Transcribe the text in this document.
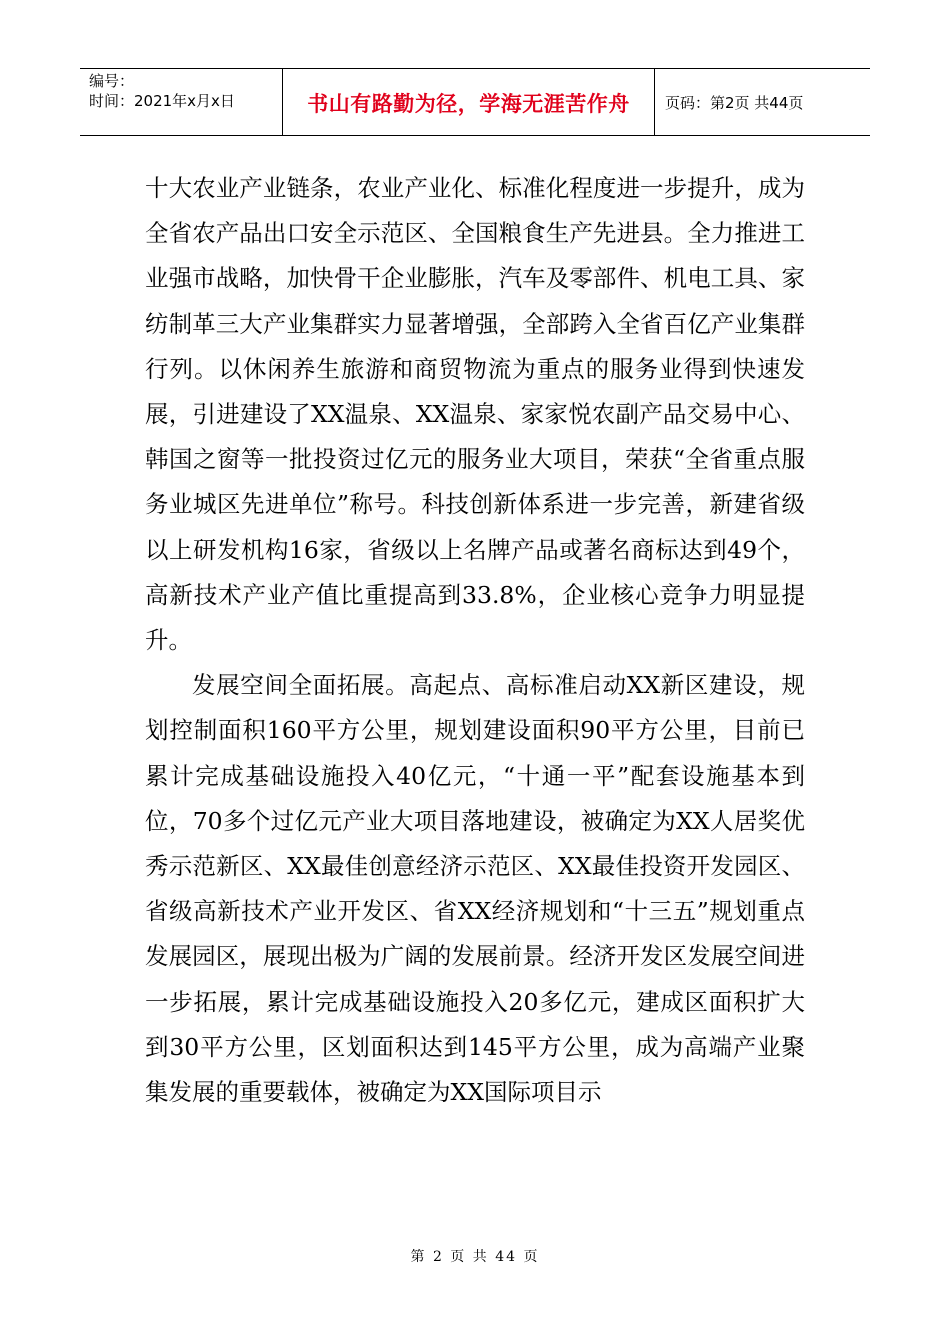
编号：
时间：2021年x月x日	书山有路勤为径，学海无涯苦作舟 页码：第2页 共44页

十大农业产业链条，农业产业化、标准化程度进一步提升，成为全省农产品出口安全示范区、全国粮食生产先进县。全力推进工业强市战略，加快骨干企业膨胀，汽车及零部件、机电工具、家纺制革三大产业集群实力显著增强，全部跨入全省百亿产业集群行列。以休闲养生旅游和商贸物流为重点的服务业得到快速发展，引进建设了XX温泉、XX温泉、家家悦农副产品交易中心、韩国之窗等一批投资过亿元的服务业大项目，荣获“全省重点服务业城区先进单位”称号。科技创新体系进一步完善，新建省级以上研发机构16家，省级以上名牌产品或著名商标达到49个，高新技术产业产值比重提高到33.8%，企业核心竞争力明显提升。

发展空间全面拓展。高起点、高标准启动XX新区建设，规划控制面积160平方公里，规划建设面积90平方公里，目前已累计完成基础设施投入40亿元，“十通一平”配套设施基本到位，70多个过亿元产业大项目落地建设，被确定为XX人居奖优秀示范新区、XX最佳创意经济示范区、XX最佳投资开发园区、省级高新技术产业开发区、省XX经济规划和“十三五”规划重点发展园区，展现出极为广阔的发展前景。经济开发区发展空间进一步拓展，累计完成基础设施投入20多亿元，建成区面积扩大到30平方公里，区划面积达到145平方公里，成为高端产业聚集发展的重要载体，被确定为XX国际项目示

第 2 页 共 44 页
